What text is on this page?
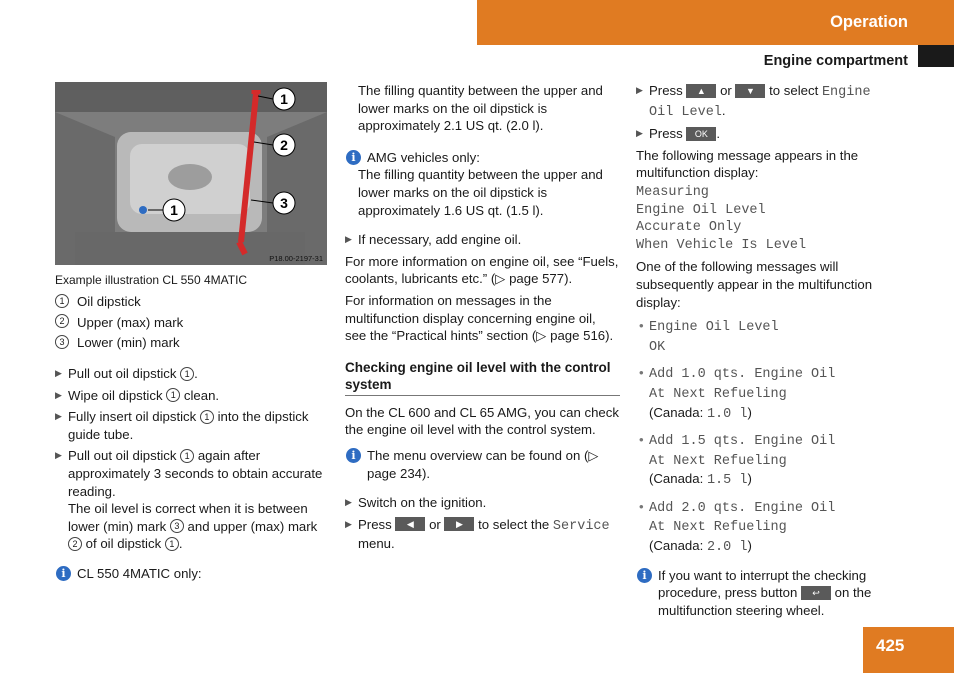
Operation
Engine compartment
425
1
2
3
1
P18.00-2197-31
Example illustration CL 550 4MATIC
1 Oil dipstick
2 Upper (max) mark
3 Lower (min) mark
▶ Pull out oil dipstick 1 .
▶ Wipe oil dipstick 1 clean.
▶ Fully insert oil dipstick 1 into the dipstick guide tube.
▶ Pull out oil dipstick 1 again after approximately 3 seconds to obtain accurate reading.
The oil level is correct when it is between lower (min) mark 3 and upper (max) mark 2 of oil dipstick 1 .
i CL 550 4MATIC only:
The filling quantity between the upper and lower marks on the oil dipstick is approximately 2.1 US qt. (2.0 l).
i AMG vehicles only:
The filling quantity between the upper and lower marks on the oil dipstick is approximately 1.6 US qt. (1.5 l).
▶ If necessary, add engine oil.
For more information on engine oil, see “Fuels, coolants, lubricants etc.” (▷ page 577).
For information on messages in the multifunction display concerning engine oil, see the “Practical hints” section (▷ page 516).
Checking engine oil level with the control system
On the CL 600 and CL 65 AMG, you can check the engine oil level with the control system.
i The menu overview can be found on (▷ page 234).
▶ Switch on the ignition.
▶ Press ◀ or ▶ to select the Service menu.
▶ Press ▲ or ▼ to select Engine Oil Level.
▶ Press OK .
The following message appears in the multifunction display:
Measuring
Engine Oil Level
Accurate Only
When Vehicle Is Level
One of the following messages will subsequently appear in the multifunction display:
• Engine Oil Level
OK
• Add 1.0 qts. Engine Oil
At Next Refueling
(Canada: 1.0 l)
• Add 1.5 qts. Engine Oil
At Next Refueling
(Canada: 1.5 l)
• Add 2.0 qts. Engine Oil
At Next Refueling
(Canada: 2.0 l)
i If you want to interrupt the checking procedure, press button ↩ on the multifunction steering wheel.
